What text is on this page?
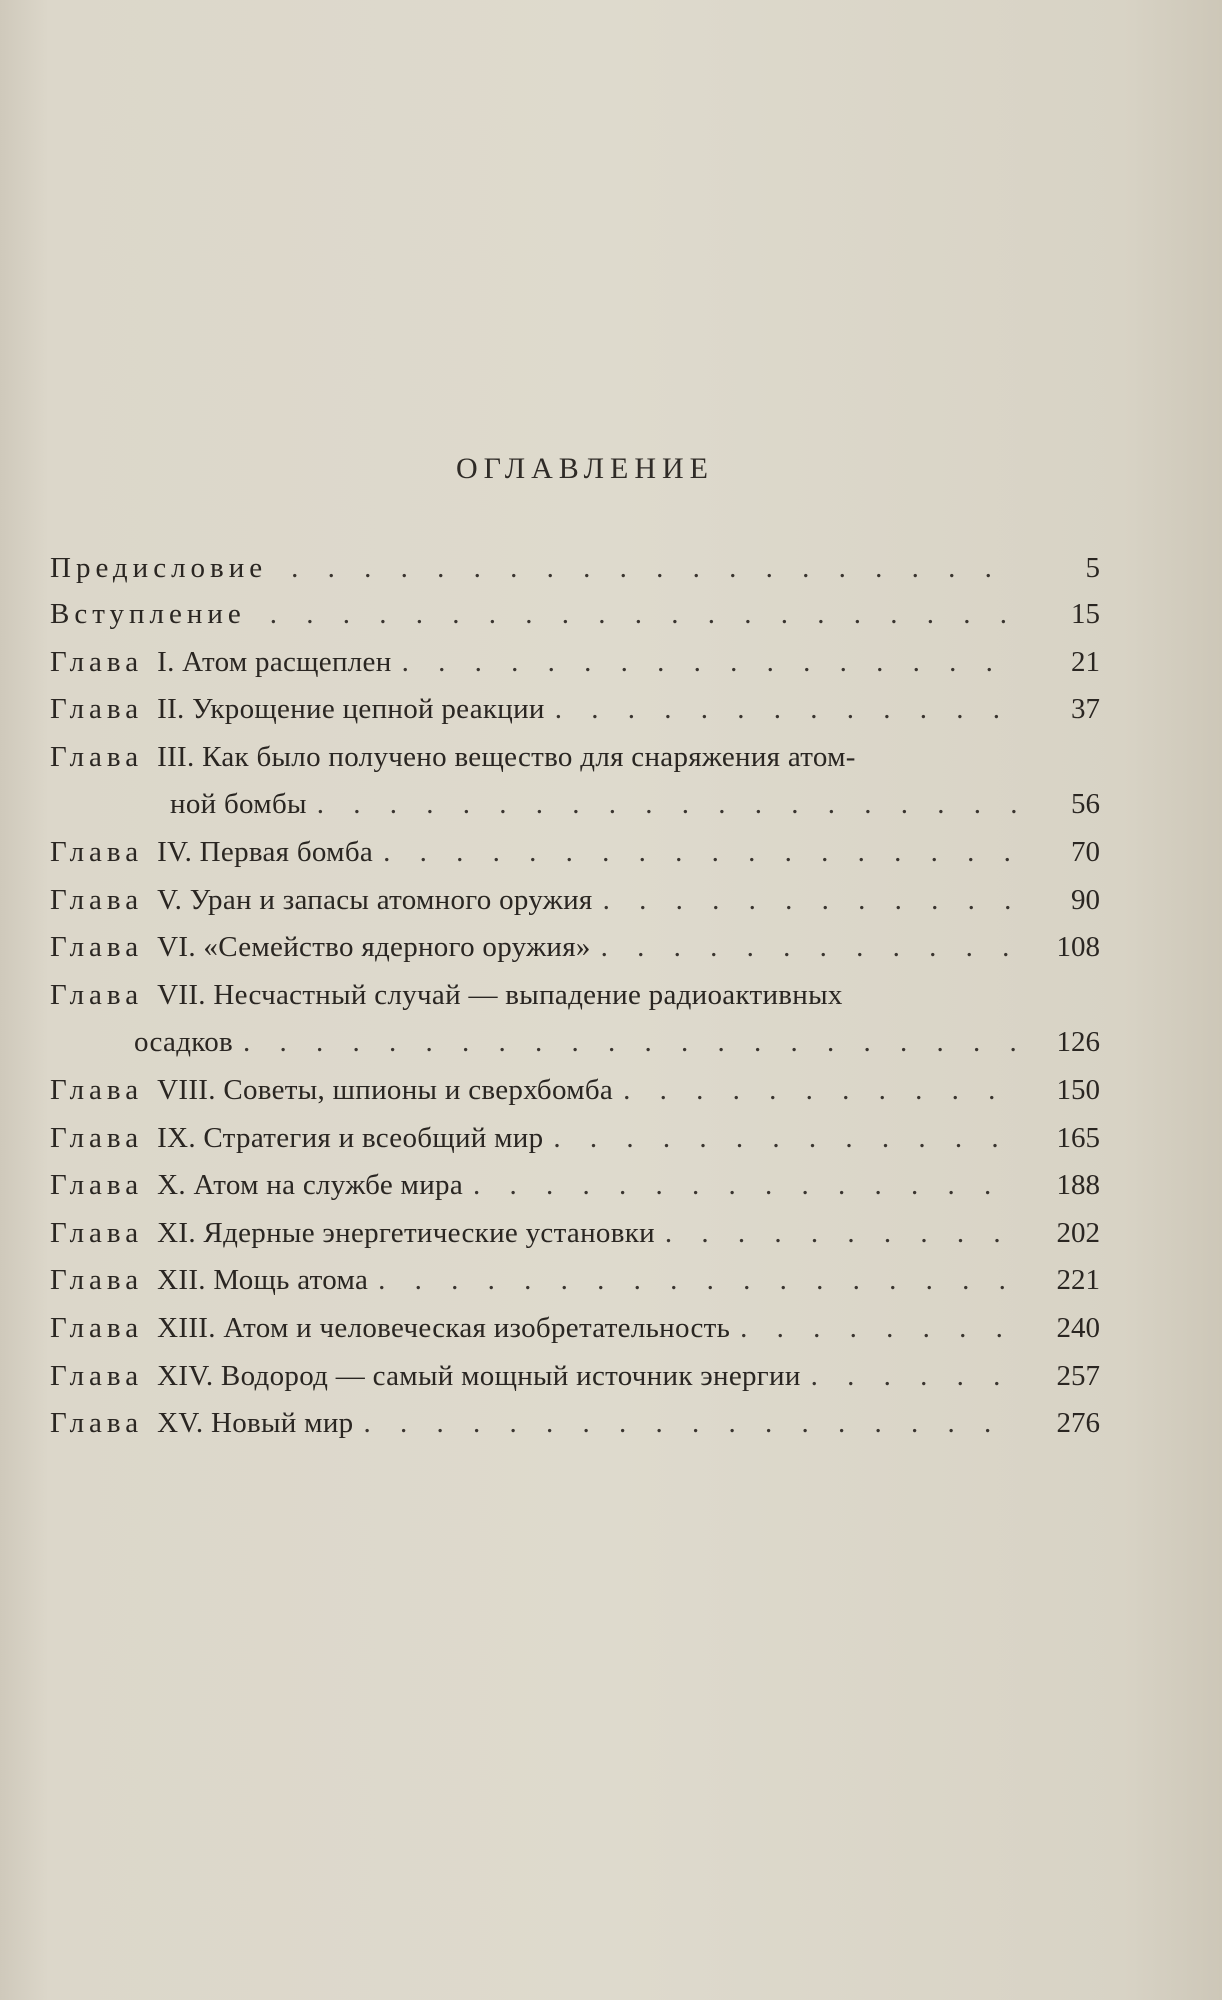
ОГЛАВЛЕНИЕ
Предисловие . . .	5
Вступление . . .	15
Глава I. Атом расщеплен . . .	21
Глава II. Укрощение цепной реакции . . .	37
Глава III. Как было получено вещество для снаряжения атом-
ной бомбы . . .	56
Глава IV. Первая бомба . . .	70
Глава V. Уран и запасы атомного оружия . . .	90
Глава VI. «Семейство ядерного оружия» . . .	108
Глава VII. Несчастный случай — выпадение радиоактивных
осадков . . .	126
Глава VIII. Советы, шпионы и сверхбомба . . .	150
Глава IX. Стратегия и всеобщий мир . . .	165
Глава X. Атом на службе мира . . .	188
Глава XI. Ядерные энергетические установки . . .	202
Глава XII. Мощь атома . . .	221
Глава XIII. Атом и человеческая изобретательность . . .	240
Глава XIV. Водород — самый мощный источник энергии . . .	257
Глава XV. Новый мир . . .	276
